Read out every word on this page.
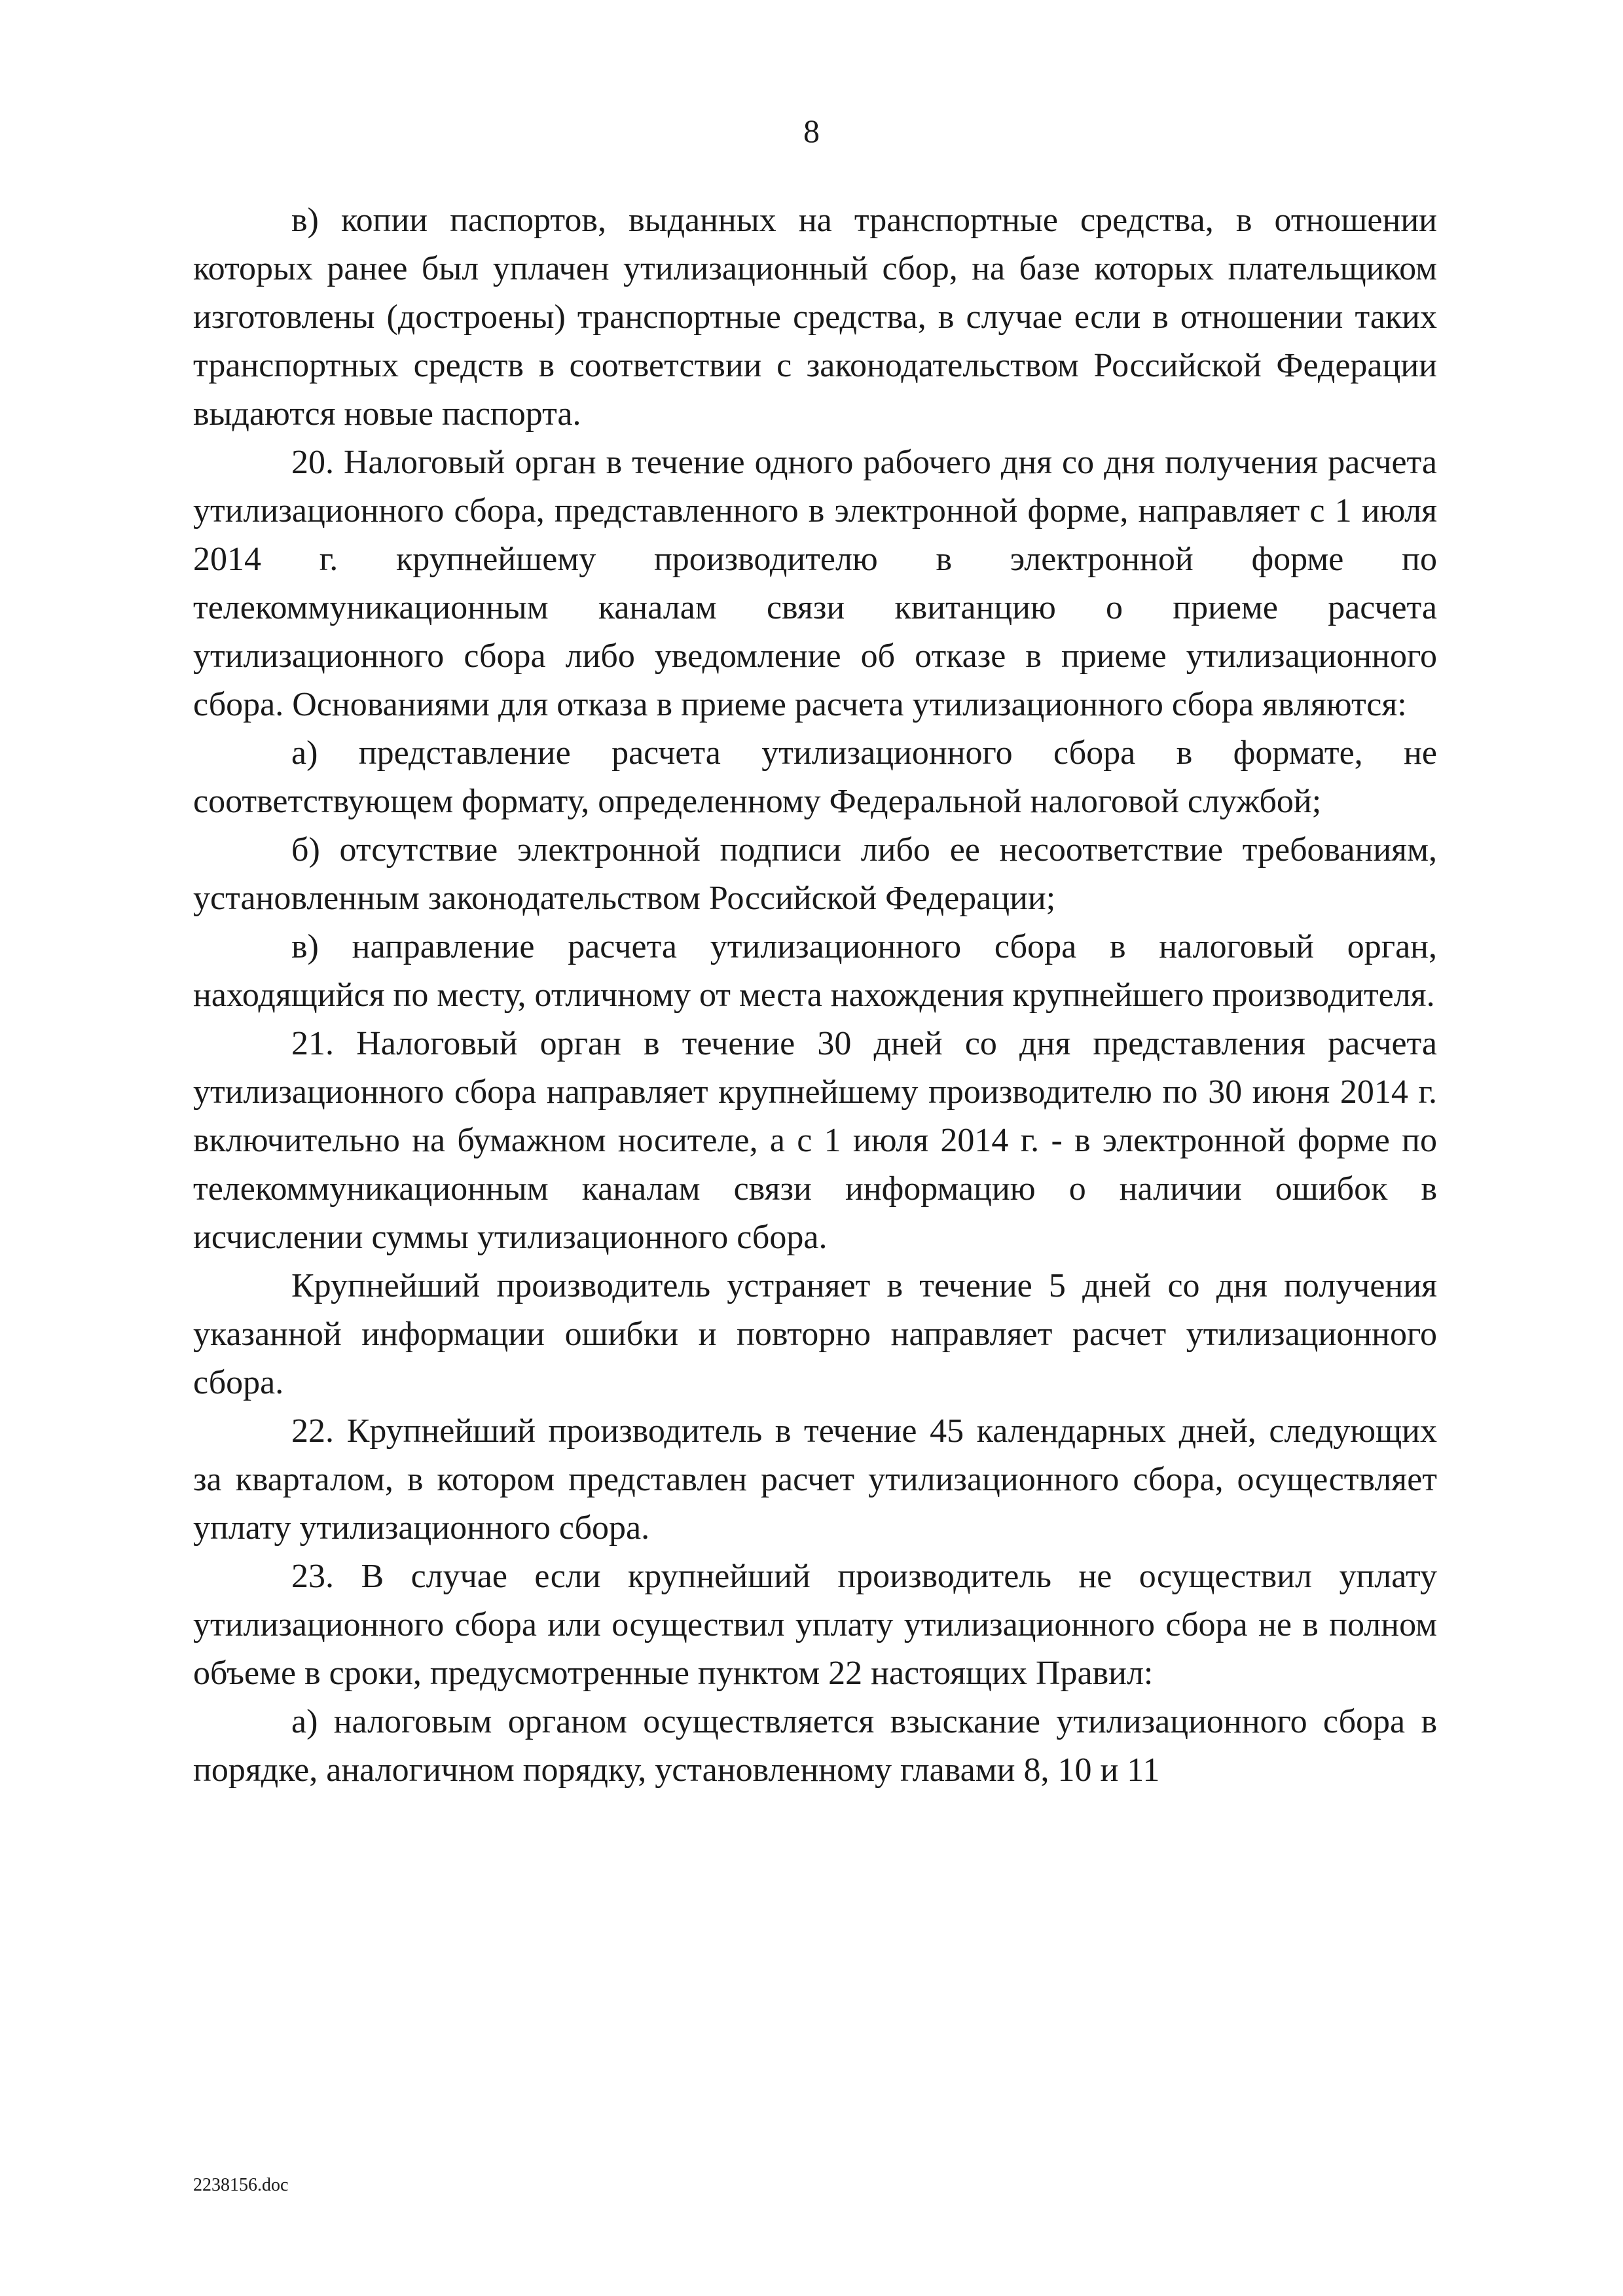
8

в) копии паспортов, выданных на транспортные средства, в отношении которых ранее был уплачен утилизационный сбор, на базе которых плательщиком изготовлены (достроены) транспортные средства, в случае если в отношении таких транспортных средств в соответствии с законодательством Российской Федерации выдаются новые паспорта.

20. Налоговый орган в течение одного рабочего дня со дня получения расчета утилизационного сбора, представленного в электронной форме, направляет с 1 июля 2014 г. крупнейшему производителю в электронной форме по телекоммуникационным каналам связи квитанцию о приеме расчета утилизационного сбора либо уведомление об отказе в приеме утилизационного сбора. Основаниями для отказа в приеме расчета утилизационного сбора являются:

а) представление расчета утилизационного сбора в формате, не соответствующем формату, определенному Федеральной налоговой службой;

б) отсутствие электронной подписи либо ее несоответствие требованиям, установленным законодательством Российской Федерации;

в) направление расчета утилизационного сбора в налоговый орган, находящийся по месту, отличному от места нахождения крупнейшего производителя.

21. Налоговый орган в течение 30 дней со дня представления расчета утилизационного сбора направляет крупнейшему производителю по 30 июня 2014 г. включительно на бумажном носителе, а с 1 июля 2014 г. - в электронной форме по телекоммуникационным каналам связи информацию о наличии ошибок в исчислении суммы утилизационного сбора.

Крупнейший производитель устраняет в течение 5 дней со дня получения указанной информации ошибки и повторно направляет расчет утилизационного сбора.

22. Крупнейший производитель в течение 45 календарных дней, следующих за кварталом, в котором представлен расчет утилизационного сбора, осуществляет уплату утилизационного сбора.

23. В случае если крупнейший производитель не осуществил уплату утилизационного сбора или осуществил уплату утилизационного сбора не в полном объеме в сроки, предусмотренные пунктом 22 настоящих Правил:

а) налоговым органом осуществляется взыскание утилизационного сбора в порядке, аналогичном порядку, установленному главами 8, 10 и 11

2238156.doc
